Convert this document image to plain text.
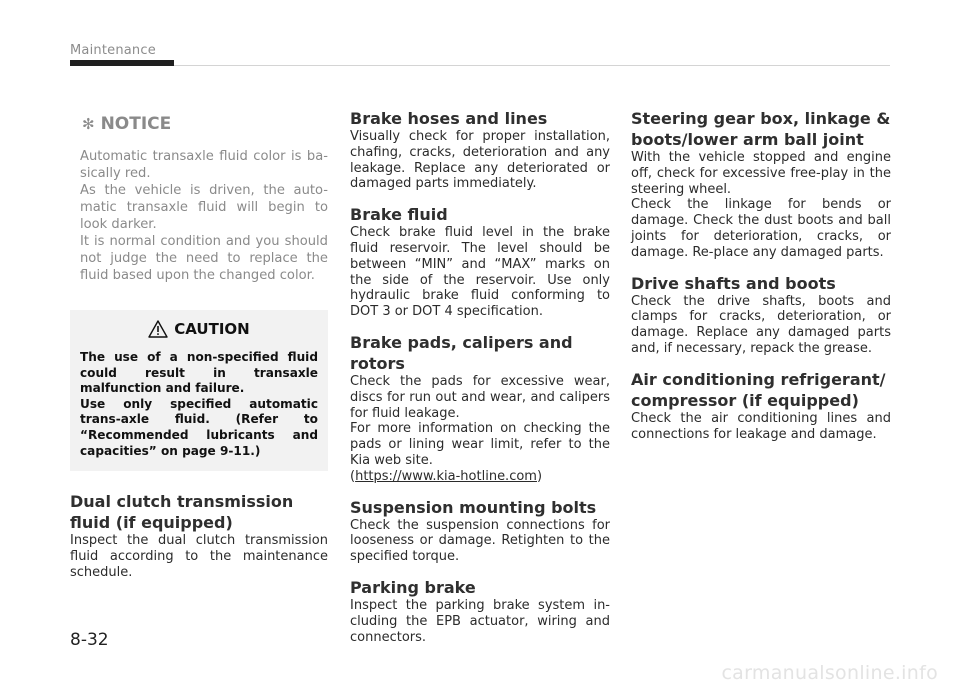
Maintenance
✻ NOTICE

Automatic transaxle fluid color is ba-sically red.

As the vehicle is driven, the auto-matic transaxle fluid will begin to look darker.

It is normal condition and you should not judge the need to replace the fluid based upon the changed color.

CAUTION

The use of a non-specified fluid could result in transaxle malfunction and failure.

Use only specified automatic trans-axle fluid. (Refer to “Recommended lubricants and capacities” on page 9-11.)

Dual clutch transmission fluid (if equipped)

Inspect the dual clutch transmission fluid according to the maintenance schedule.

Brake hoses and lines

Visually check for proper installation, chafing, cracks, deterioration and any leakage. Replace any deteriorated or damaged parts immediately.

Brake fluid

Check brake fluid level in the brake fluid reservoir. The level should be between “MIN” and “MAX” marks on the side of the reservoir. Use only hydraulic brake fluid conforming to DOT 3 or DOT 4 specification.

Brake pads, calipers and rotors

Check the pads for excessive wear, discs for run out and wear, and calipers for fluid leakage.

For more information on checking the pads or lining wear limit, refer to the Kia web site.

(https://www.kia-hotline.com)

Suspension mounting bolts

Check the suspension connections for looseness or damage. Retighten to the specified torque.

Parking brake

Inspect the parking brake system in-cluding the EPB actuator, wiring and connectors.

Steering gear box, linkage & boots/lower arm ball joint

With the vehicle stopped and engine off, check for excessive free-play in the steering wheel.

Check the linkage for bends or damage. Check the dust boots and ball joints for deterioration, cracks, or damage. Re-place any damaged parts.

Drive shafts and boots

Check the drive shafts, boots and clamps for cracks, deterioration, or damage. Replace any damaged parts and, if necessary, repack the grease.

Air conditioning refrigerant/ compressor (if equipped)

Check the air conditioning lines and connections for leakage and damage.

8-32
carmanualsonline.info
